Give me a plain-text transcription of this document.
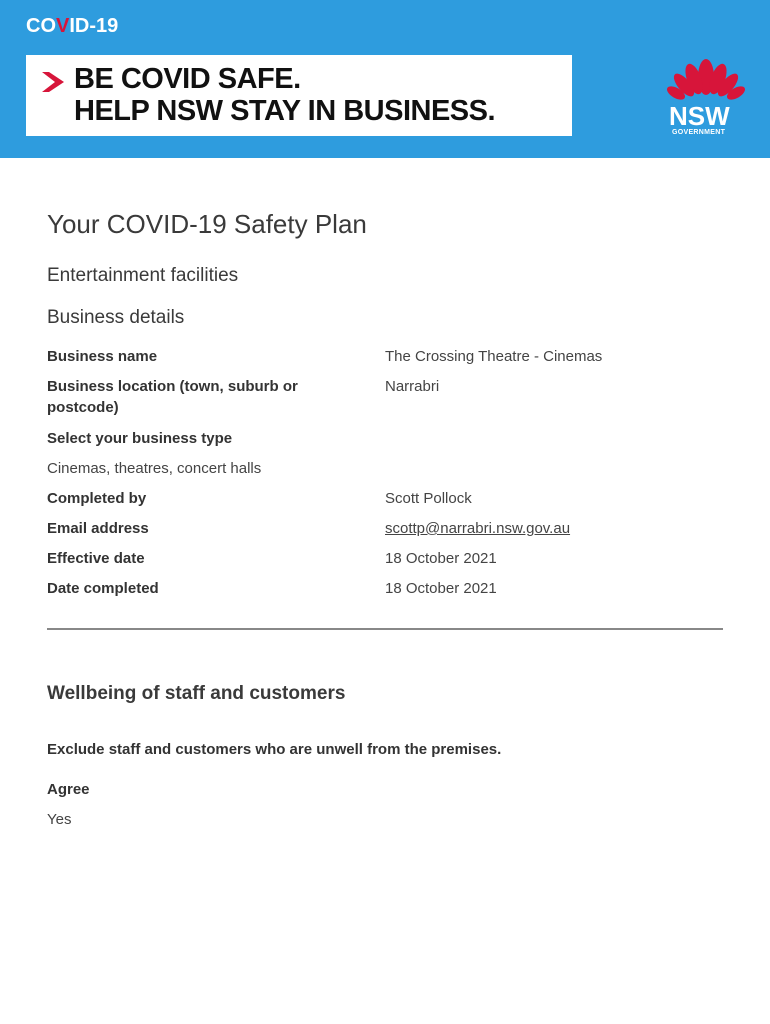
COVID-19
BE COVID SAFE.
HELP NSW STAY IN BUSINESS.	NSW
GOVERNMENT
Your COVID-19 Safety Plan
Entertainment facilities
Business details
Business name	The Crossing Theatre - Cinemas
Business location (town, suburb or postcode)
Narrabri
Select your business type
Cinemas, theatres, concert halls
Completed by	Scott Pollock
Email address	scottp@narrabri.nsw.gov.au
Effective date	18 October 2021
Date completed	18 October 2021
Wellbeing of staff and customers
Exclude staff and customers who are unwell from the premises.
Agree
Yes
